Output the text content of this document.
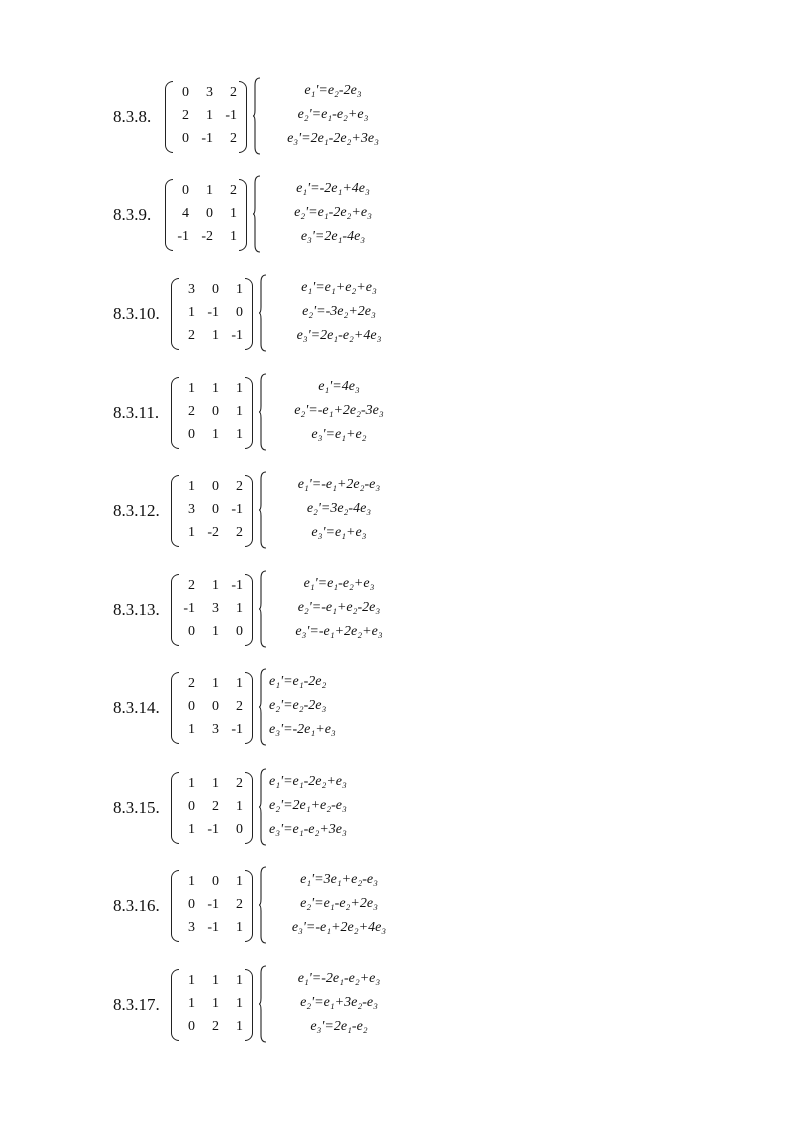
8.3.8.
0	3	2
2	1 -1
0 -1	2
e₁'=e₂-2e₃
e₂'=e₁-e₂+e₃
e₃'=2e₁-2e₂+3e₃
8.3.9.
0	1	2
4	0	1
-1 -2	1
e₁'=-2e₁+4e₃
e₂'=e₁-2e₂+e₃
e₃'=2e₁-4e₃
8.3.10.
3	0	1
1 -1	0
2	1 -1
e₁'=e₁+e₂+e₃
e₂'=-3e₂+2e₃
e₃'=2e₁-e₂+4e₃
8.3.11.
1	1	1
2	0	1
0	1	1
e₁'=4e₃
e₂'=-e₁+2e₂-3e₃
e₃'=e₁+e₂
8.3.12.
1	0	2
3	0 -1
1 -2	2
e₁'=-e₁+2e₂-e₃
e₂'=3e₂-4e₃
e₃'=e₁+e₃
8.3.13.
2	1 -1
-1	3	1
0	1	0
e₁'=e₁-e₂+e₃
e₂'=-e₁+e₂-2e₃
e₃'=-e₁+2e₂+e₃
8.3.14.
2	1	1
0	0	2
1	3 -1
e₁'=e₁-2e₂
e₂'=e₂-2e₃
e₃'=-2e₁+e₃
8.3.15.
1	1	2
0	2	1
1 -1	0
e₁'=e₁-2e₂+e₃
e₂'=2e₁+e₂-e₃
e₃'=e₁-e₂+3e₃
8.3.16.
1	0	1
0 -1	2
3 -1	1
e₁'=3e₁+e₂-e₃
e₂'=e₁-e₂+2e₃
e₃'=-e₁+2e₂+4e₃
8.3.17.
1	1	1
1	1	1
0	2	1
e₁'=-2e₁-e₂+e₃
e₂'=e₁+3e₂-e₃
e₃'=2e₁-e₂
